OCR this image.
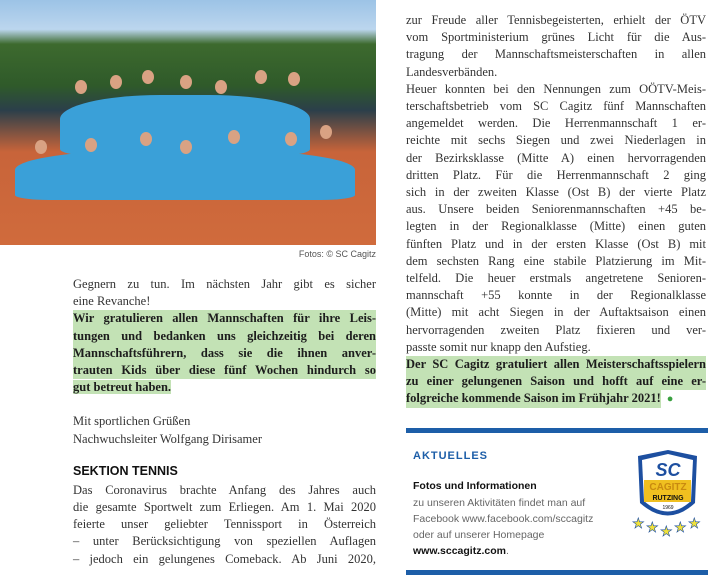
Fotos: © SC Cagitz
Gegnern zu tun. Im nächsten Jahr gibt es sicher
eine Revanche!
Wir gratulieren allen Mannschaften für ihre Leis-
tungen und bedanken uns gleichzeitig bei deren
Mannschaftsführern, dass sie die ihnen anver-
trauten Kids über diese fünf Wochen hindurch so
gut betreut haben.
Mit sportlichen Grüßen
Nachwuchsleiter Wolfgang Dirisamer
SEKTION TENNIS
Das Coronavirus brachte Anfang des Jahres auch
die gesamte Sportwelt zum Erliegen. Am 1. Mai 2020
feierte unser geliebter Tennissport in Österreich
– unter Berücksichtigung von speziellen Auflagen
– jedoch ein gelungenes Comeback. Ab Juni 2020,
zur Freude aller Tennisbegeisterten, erhielt der ÖTV
vom Sportministerium grünes Licht für die Aus-
tragung der Mannschaftsmeisterschaften in allen
Landesverbänden.
Heuer konnten bei den Nennungen zum OÖTV-Meis-
terschaftsbetrieb vom SC Cagitz fünf Mannschaften
angemeldet werden. Die Herrenmannschaft 1 er-
reichte mit sechs Siegen und zwei Niederlagen in
der Bezirksklasse (Mitte A) einen hervorragenden
dritten Platz. Für die Herrenmannschaft 2 ging
sich in der zweiten Klasse (Ost B) der vierte Platz
aus. Unsere beiden Seniorenmannschaften +45 be-
legten in der Regionalklasse (Mitte) einen guten
fünften Platz und in der ersten Klasse (Ost B) mit
dem sechsten Rang eine stabile Platzierung im Mit-
telfeld. Die heuer erstmals angetretene Senioren-
mannschaft +55 konnte in der Regionalklasse
(Mitte) mit acht Siegen in der Auftaktsaison einen
hervorragenden zweiten Platz fixieren und ver-
passte somit nur knapp den Aufstieg.
Der SC Cagitz gratuliert allen Meisterschaftsspielern
zu einer gelungenen Saison und hofft auf eine er-
folgreiche kommende Saison im Frühjahr 2021! ●
AKTUELLES
Fotos und Informationen
zu unseren Aktivitäten findet man auf
Facebook www.facebook.com/sccagitz
oder auf unserer Homepage
www.sccagitz.com.
SC
CAGITZ
RUTZING
1969
★ ★ ★ ★ ★
